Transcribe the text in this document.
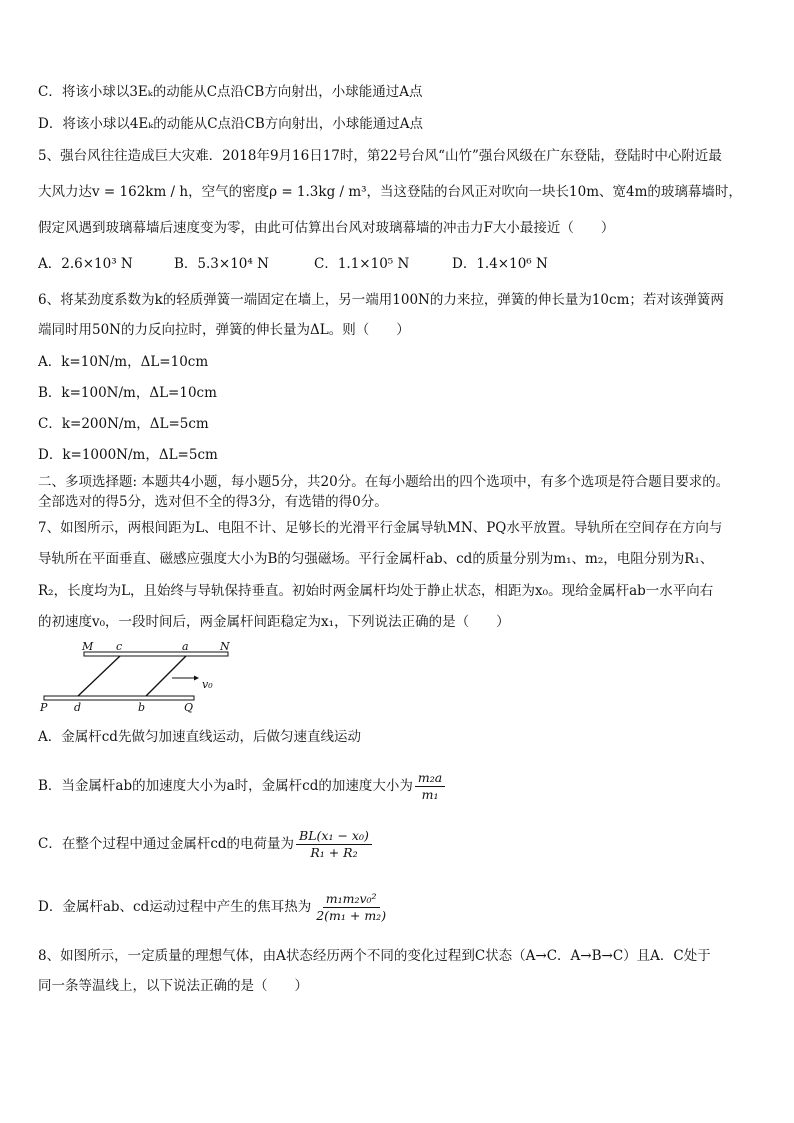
C．将该小球以3Eₖ的动能从C点沿CB方向射出，小球能通过A点
D．将该小球以4Eₖ的动能从C点沿CB方向射出，小球能通过A点
5、强台风往往造成巨大灾难．2018年9月16日17时，第22号台风“山竹”强台风级在广东登陆，登陆时中心附近最
大风力达v = 162km / h，空气的密度ρ = 1.3kg / m³，当这登陆的台风正对吹向一块长10m、宽4m的玻璃幕墙时，
假定风遇到玻璃幕墙后速度变为零，由此可估算出台风对玻璃幕墙的冲击力F大小最接近（　　）
A．2.6×10³ N	B．5.3×10⁴ N	C．1.1×10⁵ N	D．1.4×10⁶ N
6、将某劲度系数为k的轻质弹簧一端固定在墙上，另一端用100N的力来拉，弹簧的伸长量为10cm；若对该弹簧两
端同时用50N的力反向拉时，弹簧的伸长量为ΔL。则（　　）
A．k=10N/m，ΔL=10cm
B．k=100N/m，ΔL=10cm
C．k=200N/m，ΔL=5cm
D．k=1000N/m，ΔL=5cm
二、多项选择题: 本题共4小题，每小题5分，共20分。在每小题给出的四个选项中，有多个选项是符合题目要求的。
全部选对的得5分，选对但不全的得3分，有选错的得0分。
7、如图所示，两根间距为L、电阻不计、足够长的光滑平行金属导轨MN、PQ水平放置。导轨所在空间存在方向与
导轨所在平面垂直、磁感应强度大小为B的匀强磁场。平行金属杆ab、cd的质量分别为m₁、m₂，电阻分别为R₁、
R₂，长度均为L，且始终与导轨保持垂直。初始时两金属杆均处于静止状态，相距为x₀。现给金属杆ab一水平向右
的初速度v₀，一段时间后，两金属杆间距稳定为x₁，下列说法正确的是（　　）
M c	a	N
v₀
P d	b	Q
A．金属杆cd先做匀加速直线运动，后做匀速直线运动
B．当金属杆ab的加速度大小为a时，金属杆cd的加速度大小为 $\frac{\text{m₂a}}{\text{m₁}}$
C．在整个过程中通过金属杆cd的电荷量为 $\frac{\text{BL(x₁ − x₀)}}{\text{R₁ + R₂}}$
D．金属杆ab、cd运动过程中产生的焦耳热为 $\frac{\text{m₁m₂v₀²}}{\text{2(m₁ + m₂)}}$
8、如图所示，一定质量的理想气体，由A状态经历两个不同的变化过程到C状态（A→C．A→B→C）且A．C处于
同一条等温线上，以下说法正确的是（　　）
